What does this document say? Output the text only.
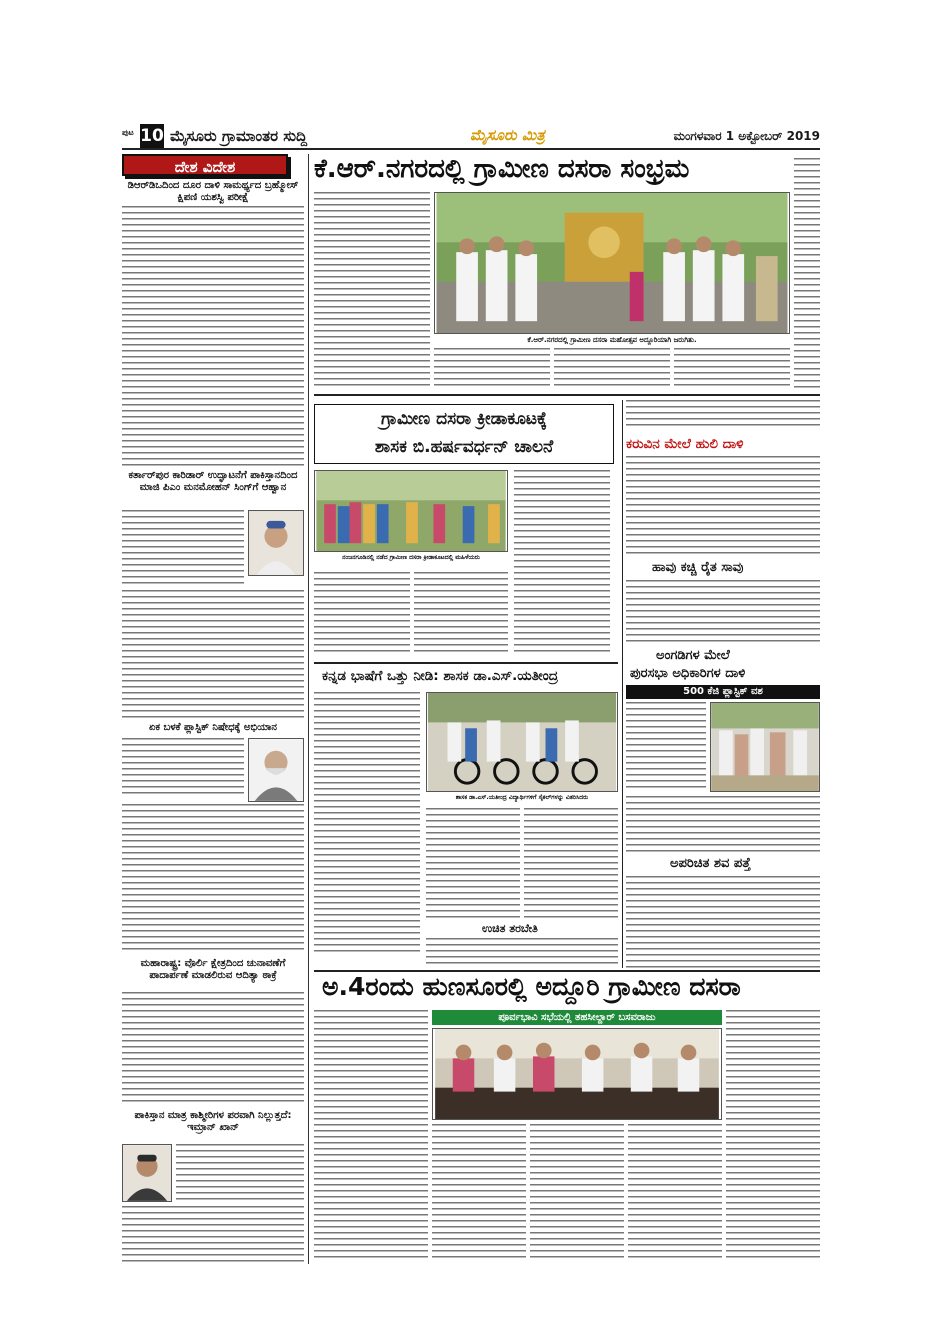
ಪುಟ 10 ಮೈಸೂರು ಗ್ರಾಮಾಂತರ ಸುದ್ದಿ	ಮೈಸೂರು ಮಿತ್ರ	ಮಂಗಳವಾರ 1 ಅಕ್ಟೋಬರ್ 2019
ದೇಶ ವಿದೇಶ
ಡಿಆರ್‌ಡಿಒದಿಂದ ದೂರ ದಾಳಿ ಸಾಮರ್ಥ್ಯದ ಬ್ರಹ್ಮೋಸ್ ಕ್ಷಿಪಣಿ ಯಶಸ್ವಿ ಪರೀಕ್ಷೆ
ಕರ್ತಾರ್‌ಪುರ ಕಾರಿಡಾರ್ ಉದ್ಘಾಟನೆಗೆ ಪಾಕಿಸ್ತಾನದಿಂದ ಮಾಜಿ ಪಿಎಂ ಮನಮೋಹನ್ ಸಿಂಗ್‌ಗೆ ಆಹ್ವಾನ
ಏಕ ಬಳಕೆ ಪ್ಲಾಸ್ಟಿಕ್ ನಿಷೇಧಕ್ಕೆ ಅಭಿಯಾನ
ಮಹಾರಾಷ್ಟ್ರ: ವೊರ್ಲಿ ಕ್ಷೇತ್ರದಿಂದ ಚುನಾವಣೆಗೆ ಪಾದಾರ್ಪಣೆ ಮಾಡಲಿರುವ ಆದಿತ್ಯಾ ಠಾಕ್ರೆ
ಪಾಕಿಸ್ತಾನ ಮಾತ್ರ ಕಾಶ್ಮೀರಿಗಳ ಪರವಾಗಿ ನಿಲ್ಲುತ್ತದೆ: ಇಮ್ರಾನ್ ಖಾನ್
ಕೆ.ಆರ್.ನಗರದಲ್ಲಿ ಗ್ರಾಮೀಣ ದಸರಾ ಸಂಭ್ರಮ
ಕೆ.ಆರ್.ನಗರದಲ್ಲಿ ಗ್ರಾಮೀಣ ದಸರಾ ಮಹೋತ್ಸವ ಅದ್ದೂರಿಯಾಗಿ ಜರುಗಿತು.
ಗ್ರಾಮೀಣ ದಸರಾ ಕ್ರೀಡಾಕೂಟಕ್ಕೆ
ಶಾಸಕ ಬಿ.ಹರ್ಷವರ್ಧನ್ ಚಾಲನೆ
ನಂಜನಗೂಡಿನಲ್ಲಿ ನಡೆದ ಗ್ರಾಮೀಣ ದಸರಾ ಕ್ರೀಡಾಕೂಟದಲ್ಲಿ ಮಹಿಳೆಯರು
ಕನ್ನಡ ಭಾಷೆಗೆ ಒತ್ತು ನೀಡಿ: ಶಾಸಕ ಡಾ.ಎಸ್.ಯತೀಂದ್ರ
ಶಾಸಕ ಡಾ.ಎಸ್.ಯತೀಂದ್ರ ವಿದ್ಯಾರ್ಥಿಗಳಿಗೆ ಸೈಕಲ್‌ಗಳನ್ನು ವಿತರಿಸಿದರು
ಉಚಿತ ತರಬೇತಿ
ಕರುವಿನ ಮೇಲೆ ಹುಲಿ ದಾಳಿ
ಹಾವು ಕಚ್ಚಿ ರೈತ ಸಾವು
ಅಂಗಡಿಗಳ ಮೇಲೆ
ಪುರಸಭಾ ಅಧಿಕಾರಿಗಳ ದಾಳಿ
500 ಕೆಜಿ ಪ್ಲಾಸ್ಟಿಕ್ ವಶ
ಅಪರಿಚಿತ ಶವ ಪತ್ತೆ
ಅ.4ರಂದು ಹುಣಸೂರಲ್ಲಿ ಅದ್ದೂರಿ ಗ್ರಾಮೀಣ ದಸರಾ
ಪೂರ್ವಭಾವಿ ಸಭೆಯಲ್ಲಿ ತಹಸೀಲ್ದಾರ್ ಬಸವರಾಜು
